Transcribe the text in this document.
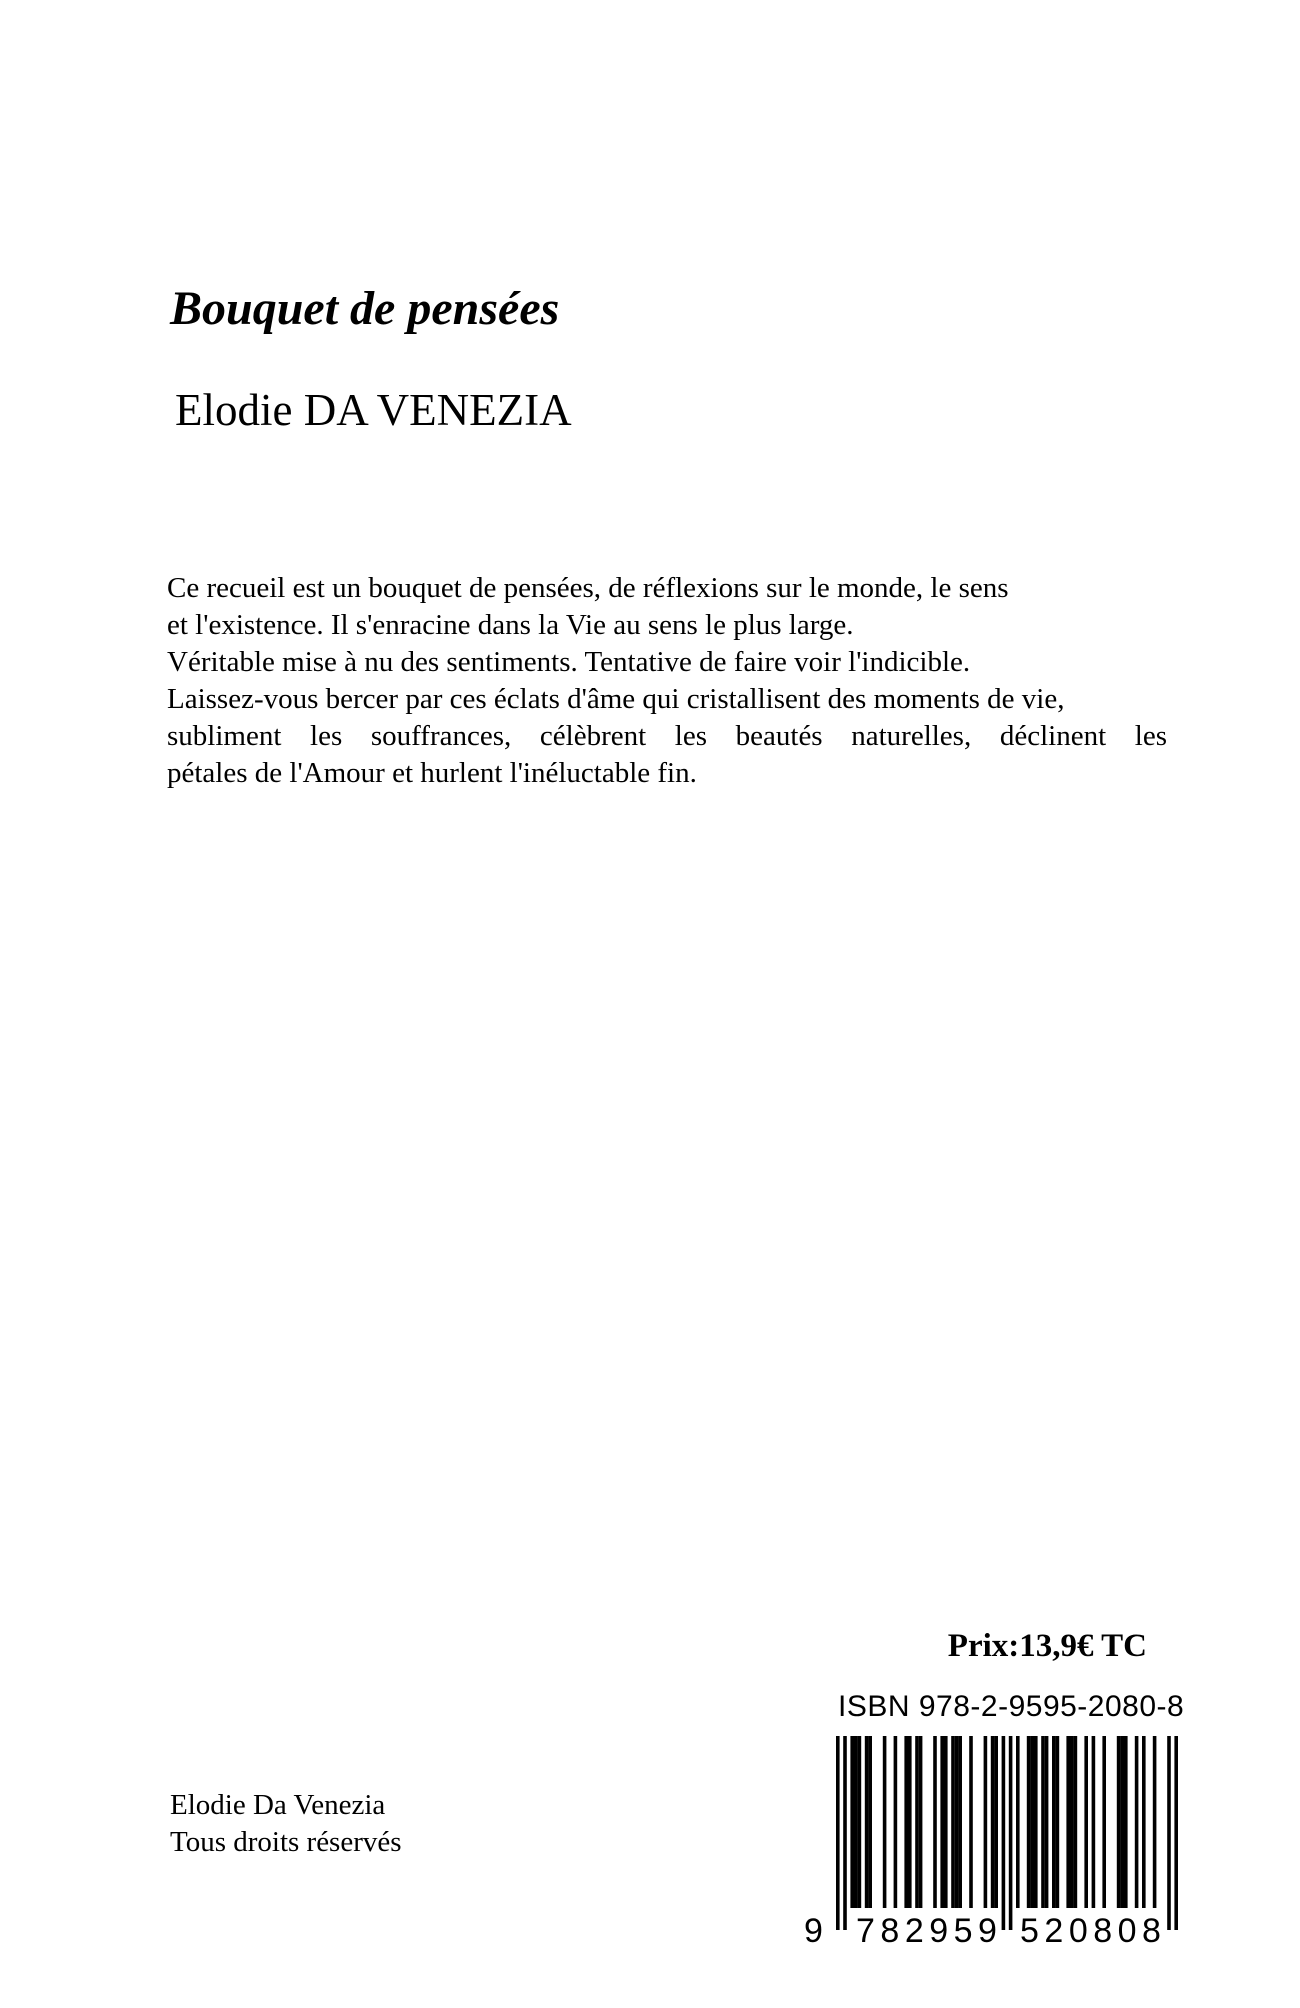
Bouquet de pensées
Elodie DA VENEZIA
Ce recueil est un bouquet de pensées, de réflexions sur le monde, le sens
et l'existence. Il s'enracine dans la Vie au sens le plus large.
Véritable mise à nu des sentiments. Tentative de faire voir l'indicible.
Laissez-vous bercer par ces éclats d'âme qui cristallisent des moments de vie,
subliment les souffrances, célèbrent les beautés naturelles, déclinent les
pétales de l'Amour et hurlent l'inéluctable fin.
Prix:13,9€ TC
Elodie Da Venezia
Tous droits réservés
9 782959 520808
ISBN 978-2-9595-2080-8
